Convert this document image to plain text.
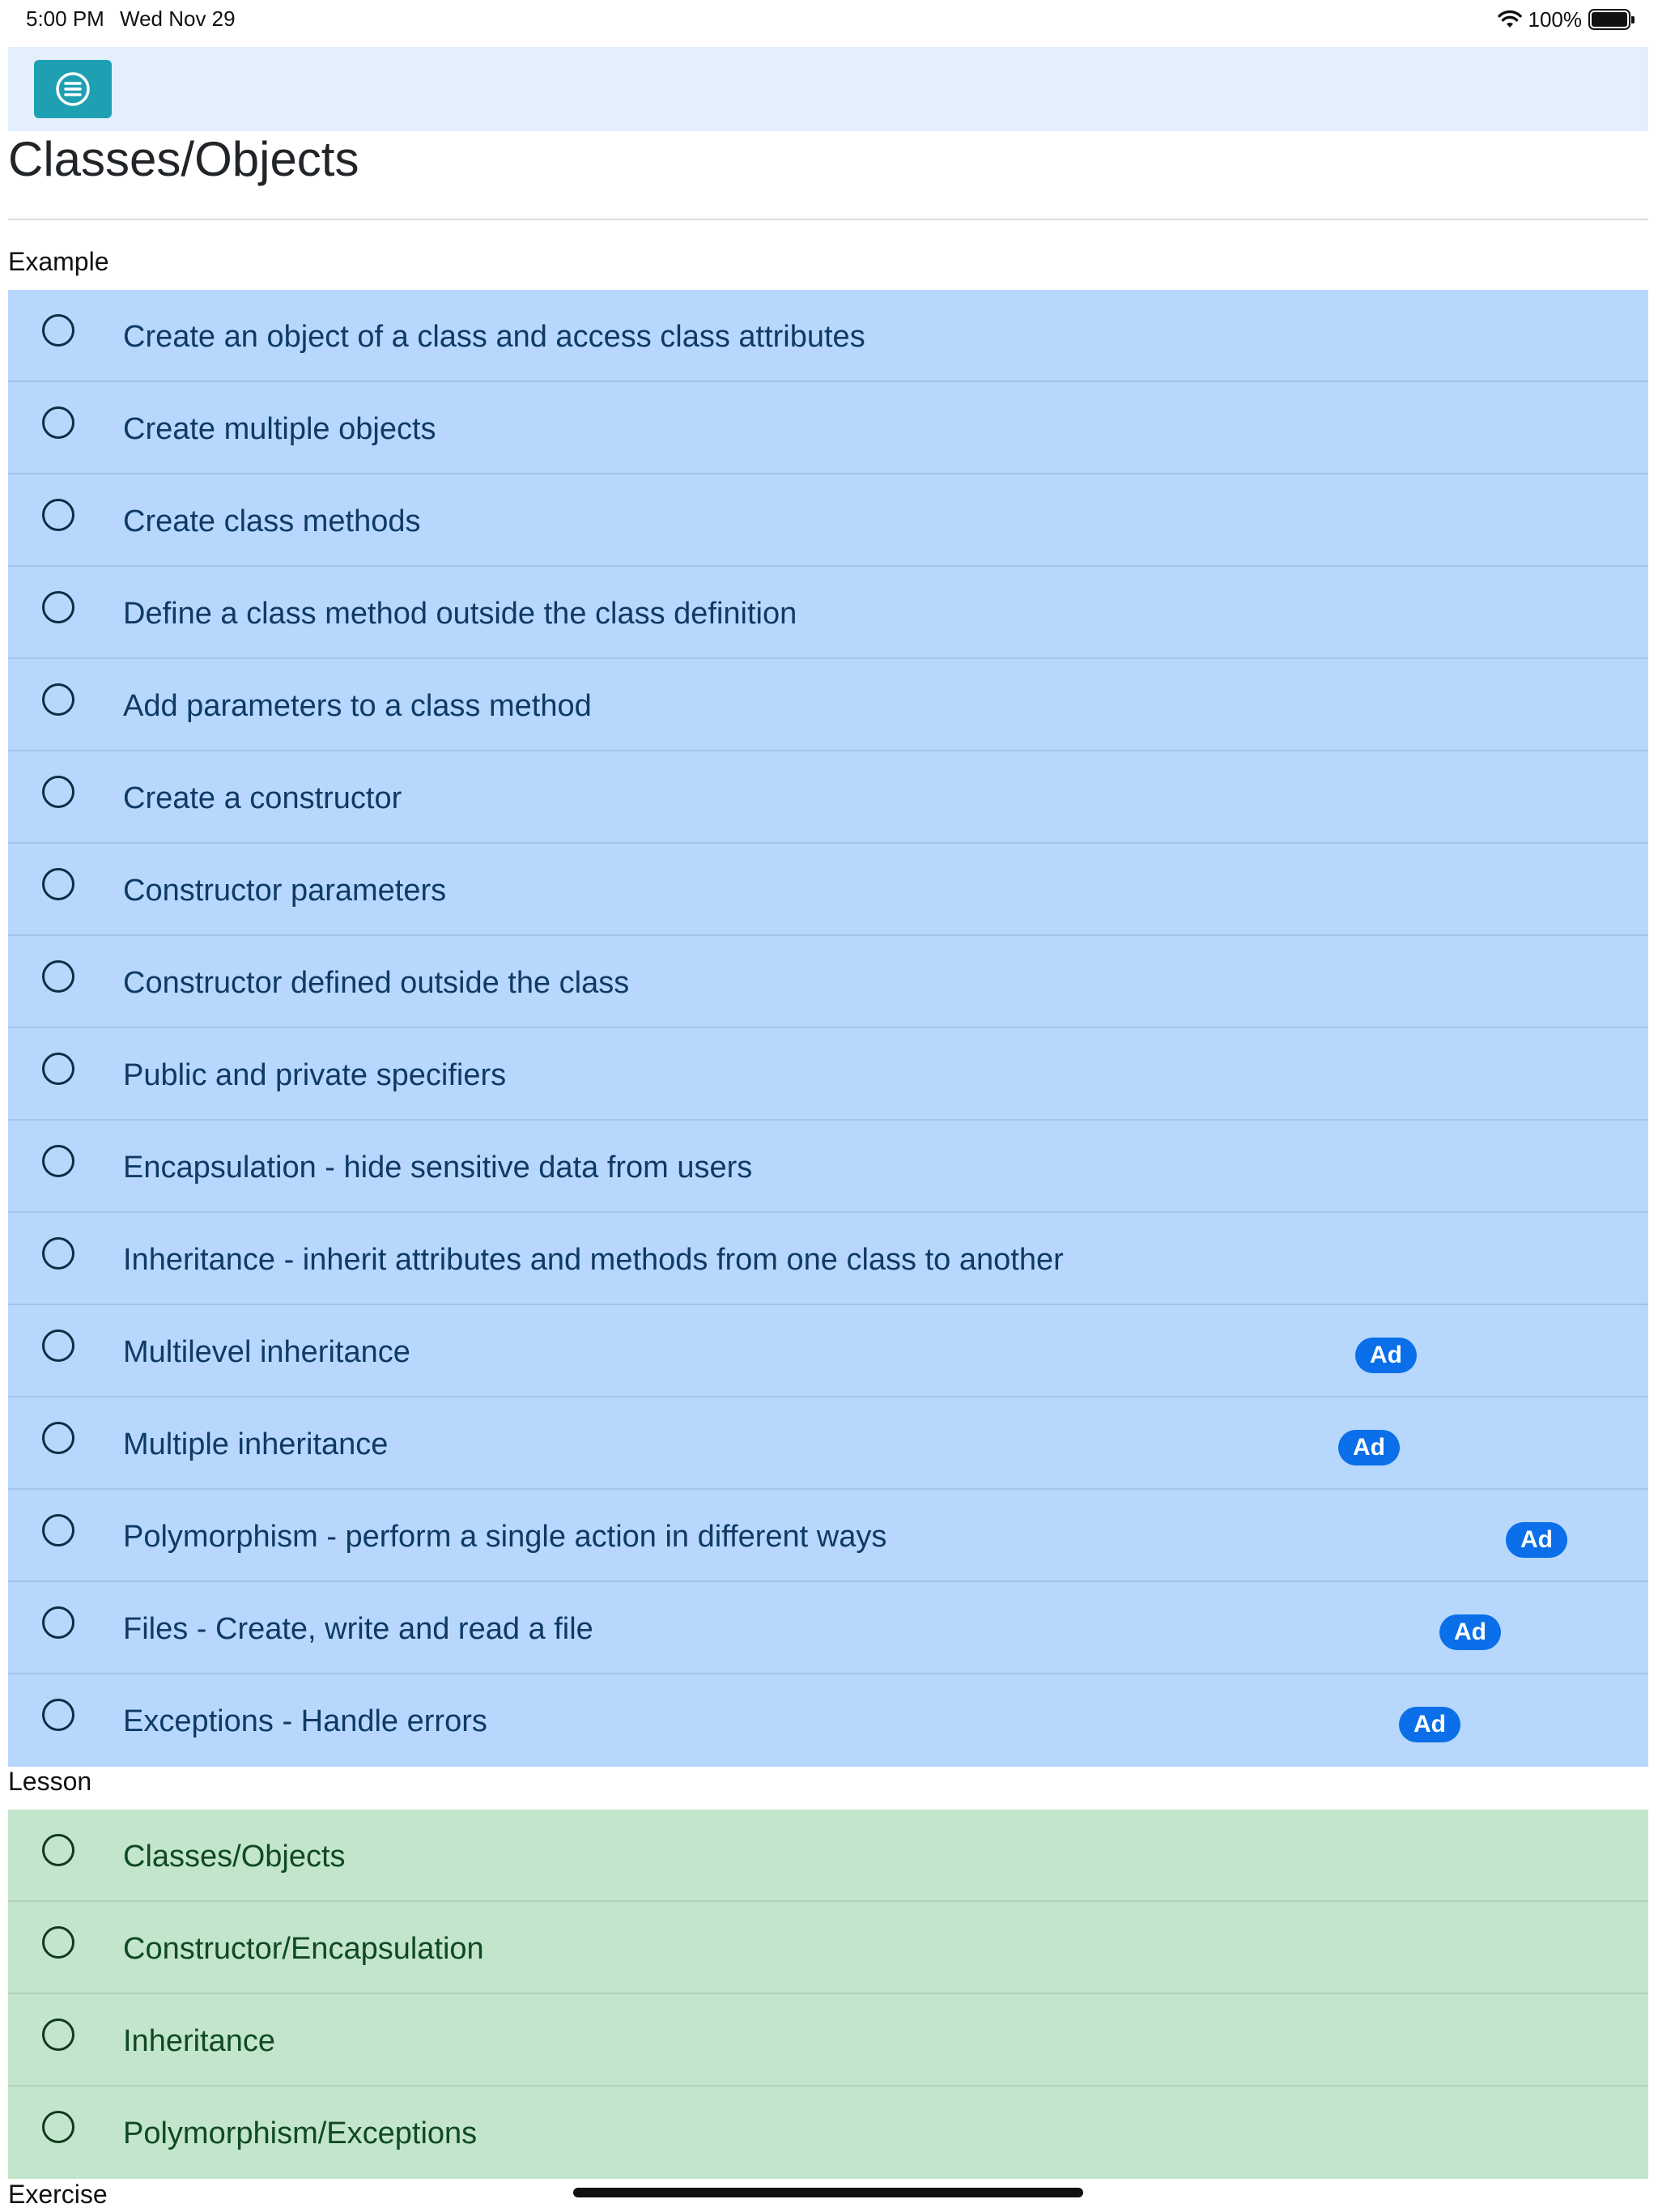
5:00 PM Wed Nov 29	100%
Classes/Objects
Example
Create an object of a class and access class attributes
Create multiple objects
Create class methods
Define a class method outside the class definition
Add parameters to a class method
Create a constructor
Constructor parameters
Constructor defined outside the class
Public and private specifiers
Encapsulation - hide sensitive data from users
Inheritance - inherit attributes and methods from one class to another
Multilevel inheritance	Ad
Multiple inheritance	Ad
Polymorphism - perform a single action in different ways	Ad
Files - Create, write and read a file	Ad
Exceptions - Handle errors	Ad
Lesson
Classes/Objects
Constructor/Encapsulation
Inheritance
Polymorphism/Exceptions
Exercise
